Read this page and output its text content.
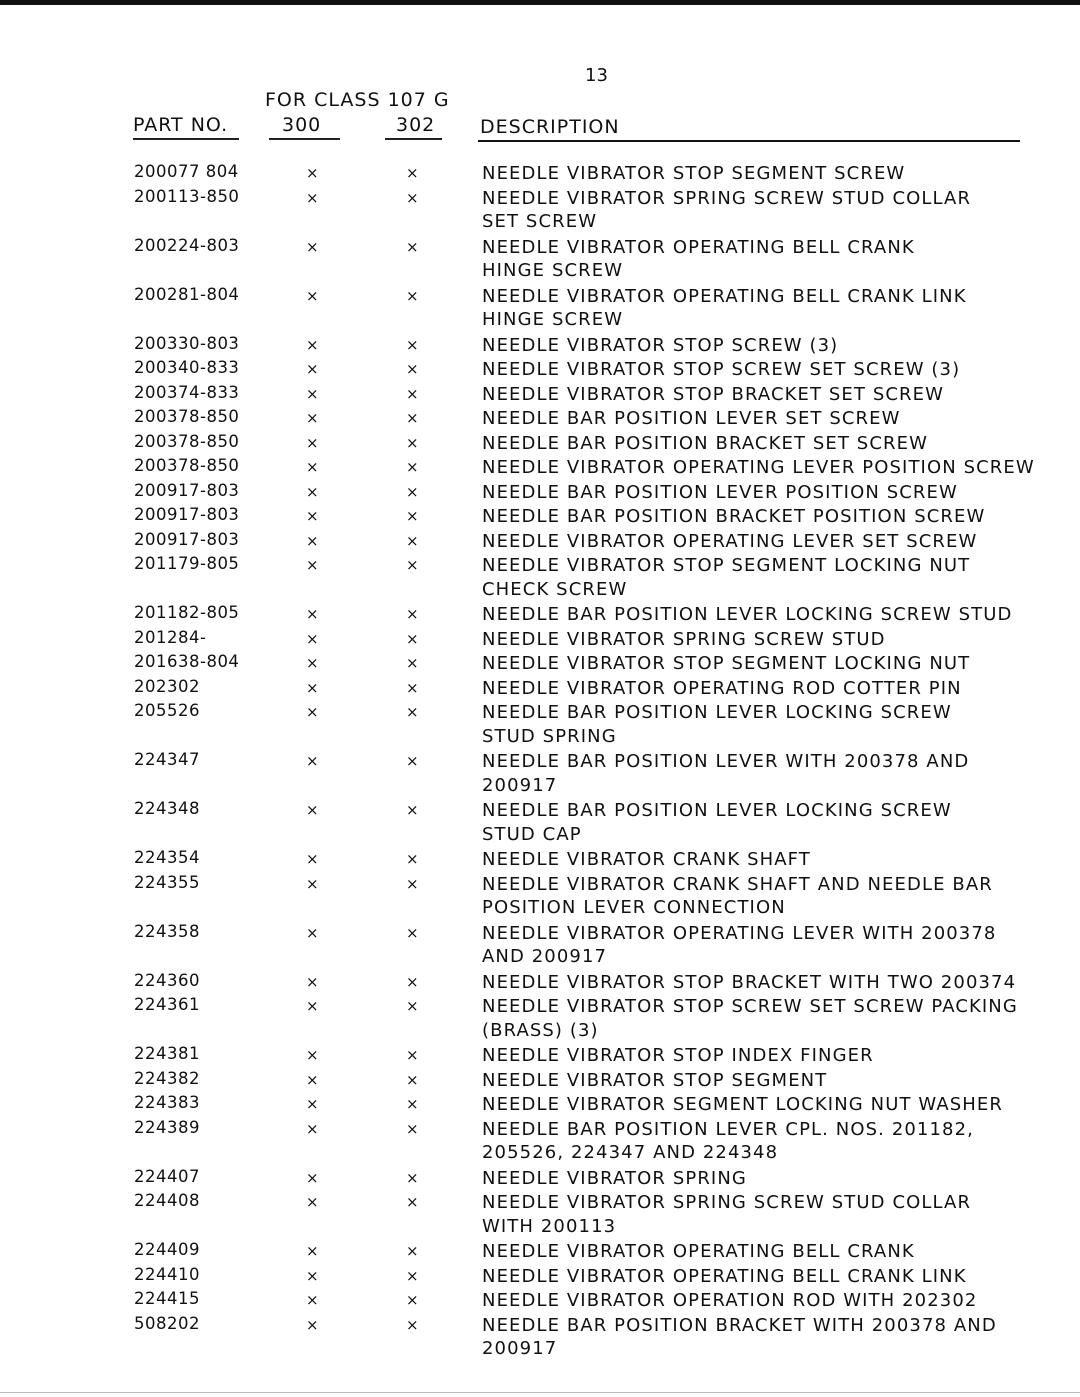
13
FOR CLASS 107 G
PART NO.	300	302 DESCRIPTION
200077 804	×	×	NEEDLE VIBRATOR STOP SEGMENT SCREW
200113-850	×	×	NEEDLE VIBRATOR SPRING SCREW STUD COLLAR
SET SCREW
200224-803	×	×	NEEDLE VIBRATOR OPERATING BELL CRANK
HINGE SCREW
200281-804	×	×	NEEDLE VIBRATOR OPERATING BELL CRANK LINK
HINGE SCREW
200330-803	×	×	NEEDLE VIBRATOR STOP SCREW (3)
200340-833	×	×	NEEDLE VIBRATOR STOP SCREW SET SCREW (3)
200374-833	×	×	NEEDLE VIBRATOR STOP BRACKET SET SCREW
200378-850	×	×	NEEDLE BAR POSITION LEVER SET SCREW
200378-850	×	×	NEEDLE BAR POSITION BRACKET SET SCREW
200378-850	×	×	NEEDLE VIBRATOR OPERATING LEVER POSITION SCREW
200917-803	×	×	NEEDLE BAR POSITION LEVER POSITION SCREW
200917-803	×	×	NEEDLE BAR POSITION BRACKET POSITION SCREW
200917-803	×	×	NEEDLE VIBRATOR OPERATING LEVER SET SCREW
201179-805	×	×	NEEDLE VIBRATOR STOP SEGMENT LOCKING NUT
CHECK SCREW
201182-805	×	×	NEEDLE BAR POSITION LEVER LOCKING SCREW STUD
201284-	×	×	NEEDLE VIBRATOR SPRING SCREW STUD
201638-804	×	×	NEEDLE VIBRATOR STOP SEGMENT LOCKING NUT
202302	×	×	NEEDLE VIBRATOR OPERATING ROD COTTER PIN
205526	×	×	NEEDLE BAR POSITION LEVER LOCKING SCREW
STUD SPRING
224347	×	×	NEEDLE BAR POSITION LEVER WITH 200378 AND
200917
224348	×	×	NEEDLE BAR POSITION LEVER LOCKING SCREW
STUD CAP
224354	×	×	NEEDLE VIBRATOR CRANK SHAFT
224355	×	×	NEEDLE VIBRATOR CRANK SHAFT AND NEEDLE BAR
POSITION LEVER CONNECTION
224358	×	×	NEEDLE VIBRATOR OPERATING LEVER WITH 200378
AND 200917
224360	×	×	NEEDLE VIBRATOR STOP BRACKET WITH TWO 200374
224361	×	×	NEEDLE VIBRATOR STOP SCREW SET SCREW PACKING
(BRASS) (3)
224381	×	×	NEEDLE VIBRATOR STOP INDEX FINGER
224382	×	×	NEEDLE VIBRATOR STOP SEGMENT
224383	×	×	NEEDLE VIBRATOR SEGMENT LOCKING NUT WASHER
224389	×	×	NEEDLE BAR POSITION LEVER CPL. NOS. 201182,
205526, 224347 AND 224348
224407	×	×	NEEDLE VIBRATOR SPRING
224408	×	×	NEEDLE VIBRATOR SPRING SCREW STUD COLLAR
WITH 200113
224409	×	×	NEEDLE VIBRATOR OPERATING BELL CRANK
224410	×	×	NEEDLE VIBRATOR OPERATING BELL CRANK LINK
224415	×	×	NEEDLE VIBRATOR OPERATION ROD WITH 202302
508202	×	×	NEEDLE BAR POSITION BRACKET WITH 200378 AND
200917
